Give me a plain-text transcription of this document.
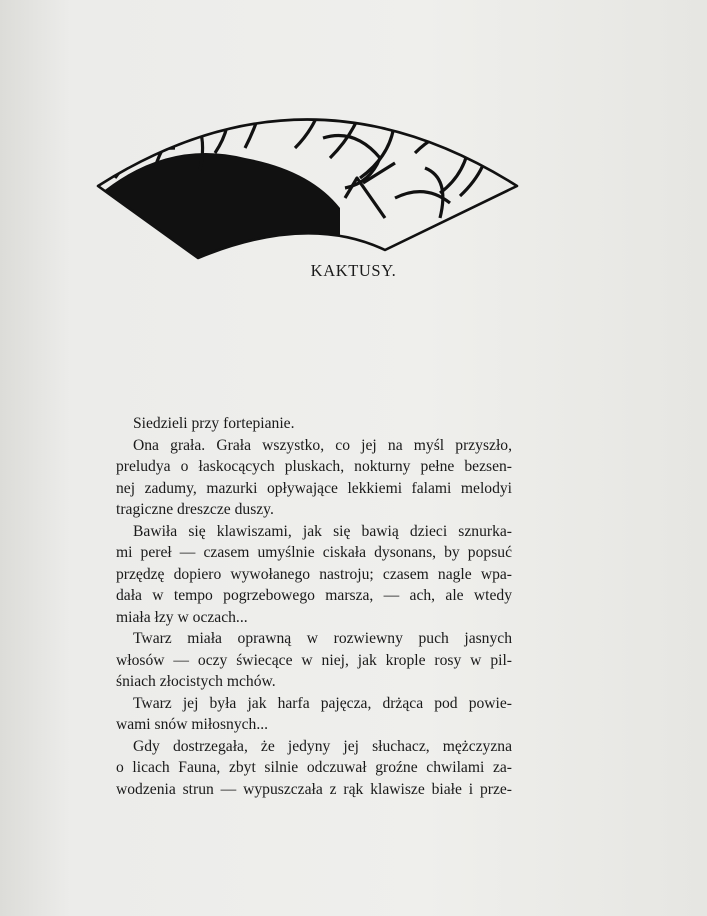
KAKTUSY.
Siedzieli przy fortepianie.
Ona grała. Grała wszystko, co jej na myśl przyszło,
preludya o łaskocących pluskach, nokturny pełne bezsen-
nej zadumy, mazurki opływające lekkiemi falami melodyi
tragiczne dreszcze duszy.
Bawiła się klawiszami, jak się bawią dzieci sznurka-
mi pereł — czasem umyślnie ciskała dysonans, by popsuć
przędzę dopiero wywołanego nastroju; czasem nagle wpa-
dała w tempo pogrzebowego marsza, — ach, ale wtedy
miała łzy w oczach...
Twarz miała oprawną w rozwiewny puch jasnych
włosów — oczy świecące w niej, jak krople rosy w pil-
śniach złocistych mchów.
Twarz jej była jak harfa pajęcza, drżąca pod powie-
wami snów miłosnych...
Gdy dostrzegała, że jedyny jej słuchacz, mężczyzna
o licach Fauna, zbyt silnie odczuwał groźne chwilami za-
wodzenia strun — wypuszczała z rąk klawisze białe i prze-
